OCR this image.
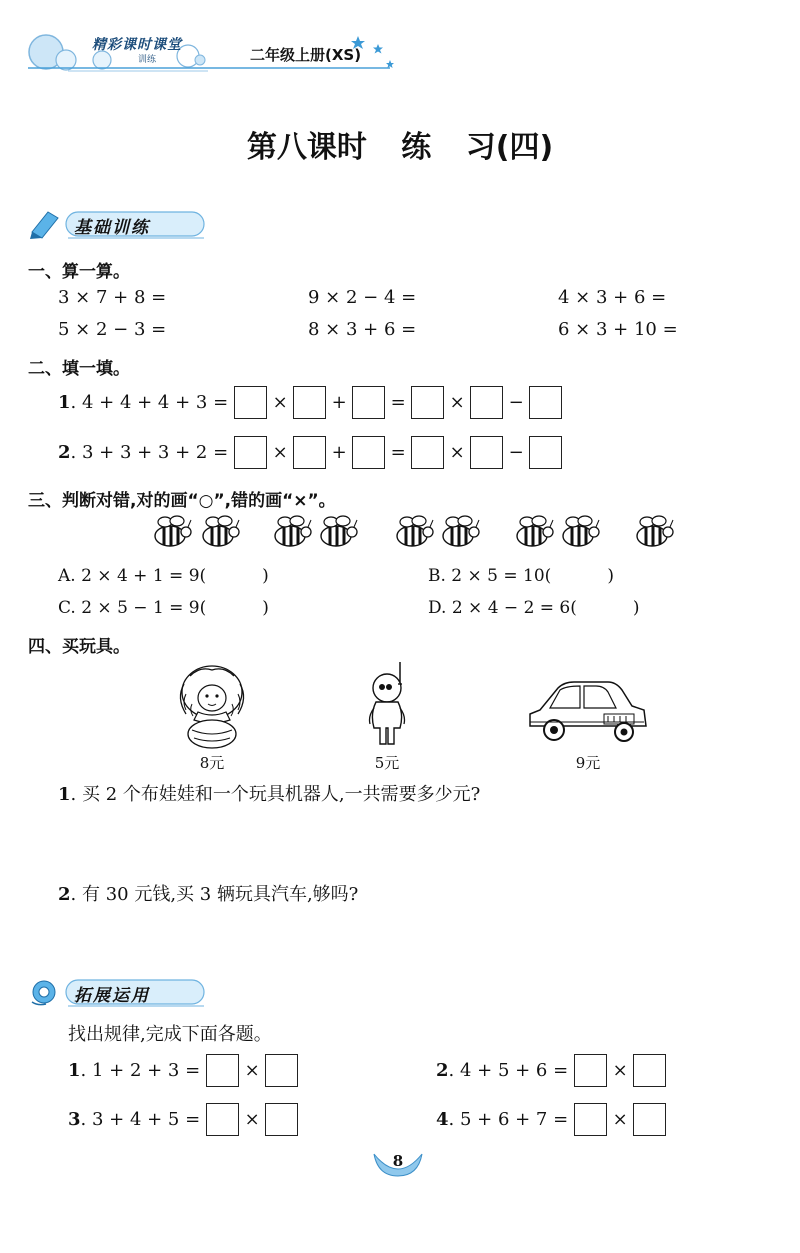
精彩课时课堂
训练	二年级上册(XS)
第八课时 练 习(四)
基础训练
一、算一算。
3 × 7 + 8 =	9 × 2 − 4 =	4 × 3 + 6 =
5 × 2 − 3 =	8 × 3 + 6 =	6 × 3 + 10 =
二、填一填。
1 . 4 + 4 + 4 + 3 =	×	+	=	×	−
2 . 3 + 3 + 3 + 2 =	×	+	=	×	−
三、判断对错,对的画“○”,错的画“×”。
A. 2 × 4 + 1 = 9(	)	B. 2 × 5 = 10(	)
C. 2 × 5 − 1 = 9(	)	D. 2 × 4 − 2 = 6(	)
四、买玩具。
8元	5元	9元
1. 买 2 个布娃娃和一个玩具机器人,一共需要多少元?
2. 有 30 元钱,买 3 辆玩具汽车,够吗?
拓展运用
找出规律,完成下面各题。
1 . 1 + 2 + 3 =	×	2 . 4 + 5 + 6 =	×
3 . 3 + 4 + 5 =	×	4 . 5 + 6 + 7 =	×
8
